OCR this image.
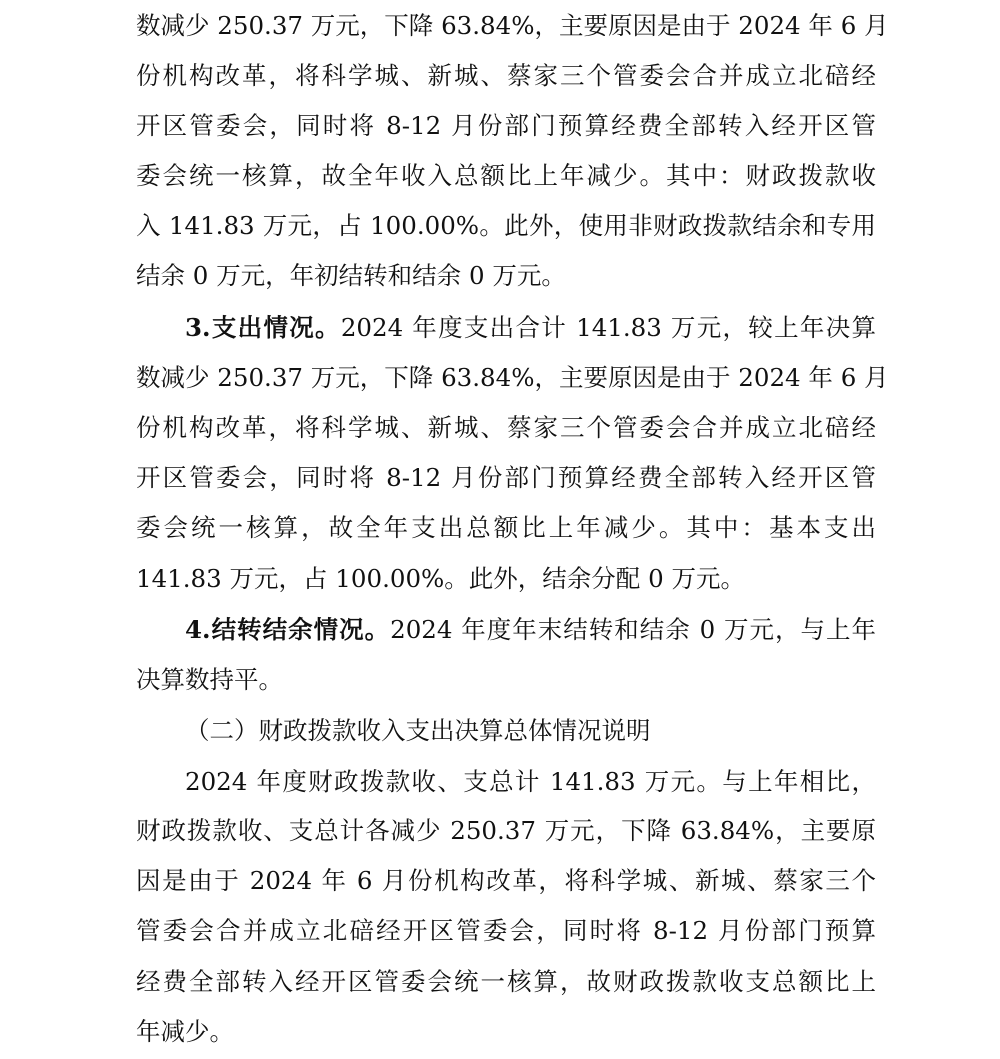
数减少 250.37 万元，下降 63.84%，主要原因是由于 2024 年 6 月

份机构改革，将科学城、新城、蔡家三个管委会合并成立北碚经

开区管委会，同时将 8-12 月份部门预算经费全部转入经开区管

委会统一核算，故全年收入总额比上年减少。其中：财政拨款收

入 141.83 万元，占 100.00%。此外，使用非财政拨款结余和专用

结余 0 万元，年初结转和结余 0 万元。

3.支出情况。2024 年度支出合计 141.83 万元，较上年决算

数减少 250.37 万元，下降 63.84%，主要原因是由于 2024 年 6 月

份机构改革，将科学城、新城、蔡家三个管委会合并成立北碚经

开区管委会，同时将 8-12 月份部门预算经费全部转入经开区管

委会统一核算，故全年支出总额比上年减少。其中：基本支出

141.83 万元，占 100.00%。此外，结余分配 0 万元。

4.结转结余情况。2024 年度年末结转和结余 0 万元，与上年

决算数持平。

（二）财政拨款收入支出决算总体情况说明

2024 年度财政拨款收、支总计 141.83 万元。与上年相比，

财政拨款收、支总计各减少 250.37 万元，下降 63.84%，主要原

因是由于 2024 年 6 月份机构改革，将科学城、新城、蔡家三个

管委会合并成立北碚经开区管委会，同时将 8-12 月份部门预算

经费全部转入经开区管委会统一核算，故财政拨款收支总额比上

年减少。
